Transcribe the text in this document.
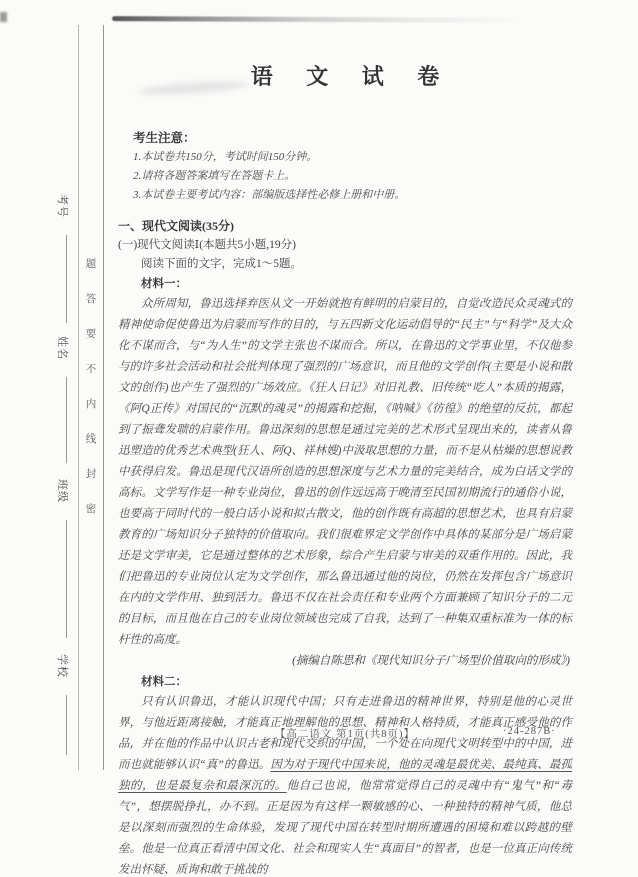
考号
姓名
班级
学校
题
答
要
不
内
线
封
密
语 文 试 卷
考生注意：
1.本试卷共150分，考试时间150分钟。
2.请将各题答案填写在答题卡上。
3.本试卷主要考试内容：部编版选择性必修上册和中册。
一、现代文阅读(35分)
(一)现代文阅读Ⅰ(本题共5小题,19分)
阅读下面的文字，完成1～5题。
材料一：

众所周知，鲁迅选择弃医从文一开始就抱有鲜明的启蒙目的，自觉改造民众灵魂式的精神使命促使鲁迅为启蒙而写作的目的，与五四新文化运动倡导的“民主”与“科学”及大众化不谋而合，与“为人生”的文学主张也不谋而合。所以，在鲁迅的文学事业里，不仅他参与的许多社会活动和社会批判体现了强烈的广场意识，而且他的文学创作(主要是小说和散文的创作)也产生了强烈的广场效应。《狂人日记》对旧礼教、旧传统“吃人”本质的揭露，《阿Q正传》对国民的“沉默的魂灵”的揭露和挖掘，《呐喊》《彷徨》的绝望的反抗，都起到了振聋发聩的启蒙作用。鲁迅深刻的思想是通过完美的艺术形式呈现出来的，读者从鲁迅塑造的优秀艺术典型(狂人、阿Q、祥林嫂)中汲取思想的力量，而不是从枯燥的思想说教中获得启发。鲁迅是现代汉语所创造的思想深度与艺术力量的完美结合，成为白话文学的高标。文学写作是一种专业岗位，鲁迅的创作远远高于晚清至民国初期流行的通俗小说，也要高于同时代的一般白话小说和拟古散文，他的创作既有高超的思想艺术，也具有启蒙教育的广场知识分子独特的价值取向。我们很难界定文学创作中具体的某部分是广场启蒙还是文学审美，它是通过整体的艺术形象，综合产生启蒙与审美的双重作用的。因此，我们把鲁迅的专业岗位认定为文学创作，那么鲁迅通过他的岗位，仍然在发挥包含广场意识在内的文学作用、独到活力。鲁迅不仅在社会责任和专业两个方面兼顾了知识分子的二元的目标，而且他在自己的专业岗位领域也完成了自我，达到了一种集双重标准为一体的标杆性的高度。

(摘编自陈思和《现代知识分子广场型价值取向的形成》)
材料二：

只有认识鲁迅，才能认识现代中国；只有走进鲁迅的精神世界，特别是他的心灵世界，与他近距离接触，才能真正地理解他的思想、精神和人格特质，才能真正感受他的作品，并在他的作品中认识古老和现代交织的中国，一个处在向现代文明转型中的中国，进而也就能够认识“真”的鲁迅。因为对于现代中国来说，他的灵魂是最优美、最纯真、最孤独的，也是最复杂和最深沉的。他自己也说，他常常觉得自己的灵魂中有“鬼气”和“毒气”，想摆脱挣扎，办不到。正是因为有这样一颗敏感的心、一种独特的精神气质，他总是以深刻而强烈的生命体验，发现了现代中国在转型时期所遭遇的困境和难以跨越的壁垒。他是一位真正看清中国文化、社会和现实人生“真面目”的智者，也是一位真正向传统发出怀疑、质询和敢于挑战的

【高二语文 第1页(共8页)】	·24-287B·
